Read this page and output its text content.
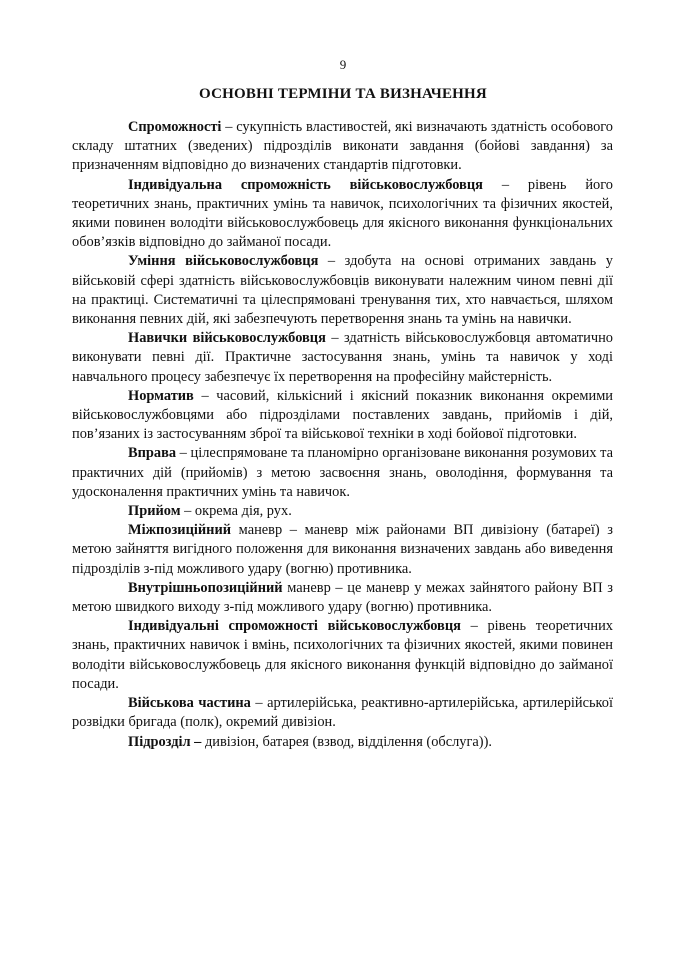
9
ОСНОВНІ ТЕРМІНИ ТА ВИЗНАЧЕННЯ

Спроможності – сукупність властивостей, які визначають здатність особового складу штатних (зведених) підрозділів виконати завдання (бойові завдання) за призначенням відповідно до визначених стандартів підготовки.

Індивідуальна спроможність військовослужбовця – рівень його теоретичних знань, практичних умінь та навичок, психологічних та фізичних якостей, якими повинен володіти військовослужбовець для якісного виконання функціональних обов’язків відповідно до займаної посади.

Уміння військовослужбовця – здобута на основі отриманих завдань у військовій сфері здатність військовослужбовців виконувати належним чином певні дії на практиці. Систематичні та цілеспрямовані тренування тих, хто навчається, шляхом виконання певних дій, які забезпечують перетворення знань та умінь на навички.

Навички військовослужбовця – здатність військовослужбовця автоматично виконувати певні дії. Практичне застосування знань, умінь та навичок у ході навчального процесу забезпечує їх перетворення на професійну майстерність.

Норматив – часовий, кількісний і якісний показник виконання окремими військовослужбовцями або підрозділами поставлених завдань, прийомів і дій, пов’язаних із застосуванням зброї та військової техніки в ході бойової підготовки.

Вправа – цілеспрямоване та планомірно організоване виконання розумових та практичних дій (прийомів) з метою засвоєння знань, оволодіння, формування та удосконалення практичних умінь та навичок.

Прийом – окрема дія, рух.

Міжпозиційний маневр – маневр між районами ВП дивізіону (батареї) з метою зайняття вигідного положення для виконання визначених завдань або виведення підрозділів з-під можливого удару (вогню) противника.

Внутрішньопозиційний маневр – це маневр у межах зайнятого району ВП з метою швидкого виходу з-під можливого удару (вогню) противника.

Індивідуальні спроможності військовослужбовця – рівень теоретичних знань, практичних навичок і вмінь, психологічних та фізичних якостей, якими повинен володіти військовослужбовець для якісного виконання функцій відповідно до займаної посади.

Військова частина – артилерійська, реактивно-артилерійська, артилерійської розвідки бригада (полк), окремий дивізіон.

Підрозділ – дивізіон, батарея (взвод, відділення (обслуга)).
